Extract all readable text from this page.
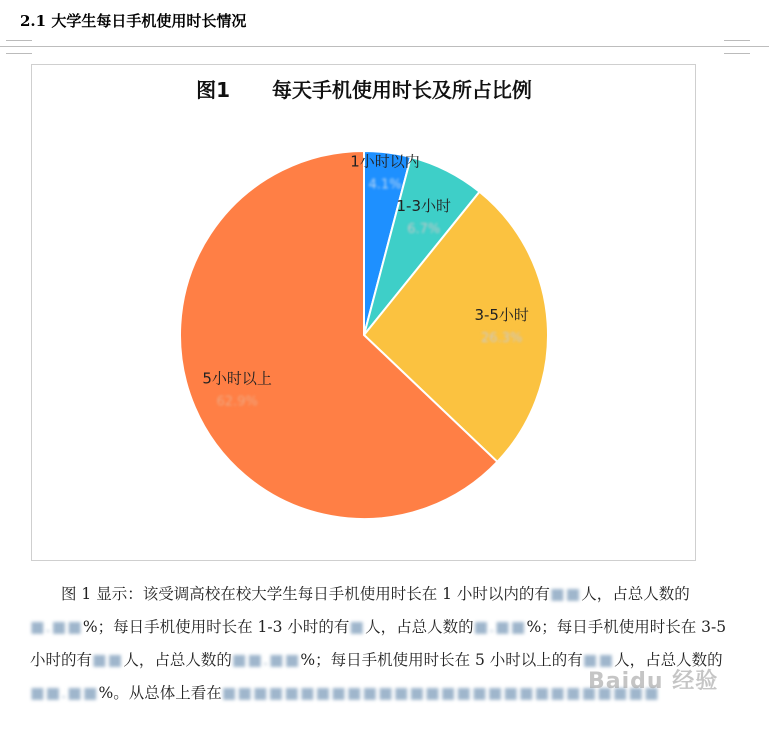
2.1 大学生每日手机使用时长情况
图1      每天手机使用时长及所占比例
1小时以内
4.1%
1-3小时
6.7%
3-5小时
26.3%
5小时以上
62.9%

图 1 显示：该受调高校在校大学生每日手机使用时长在 1 小时以内的有■■人，占总人数的■.■■%；每日手机使用时长在 1-3 小时的有■人，占总人数的■.■■%；每日手机使用时长在 3-5 小时的有■■人，占总人数的■■.■■%；每日手机使用时长在 5 小时以上的有■■人，占总人数的■■.■■%。从总体上看在■■■■■■■■■■■■■■■■■■■■■■■■■■■■

Baidu 经验
